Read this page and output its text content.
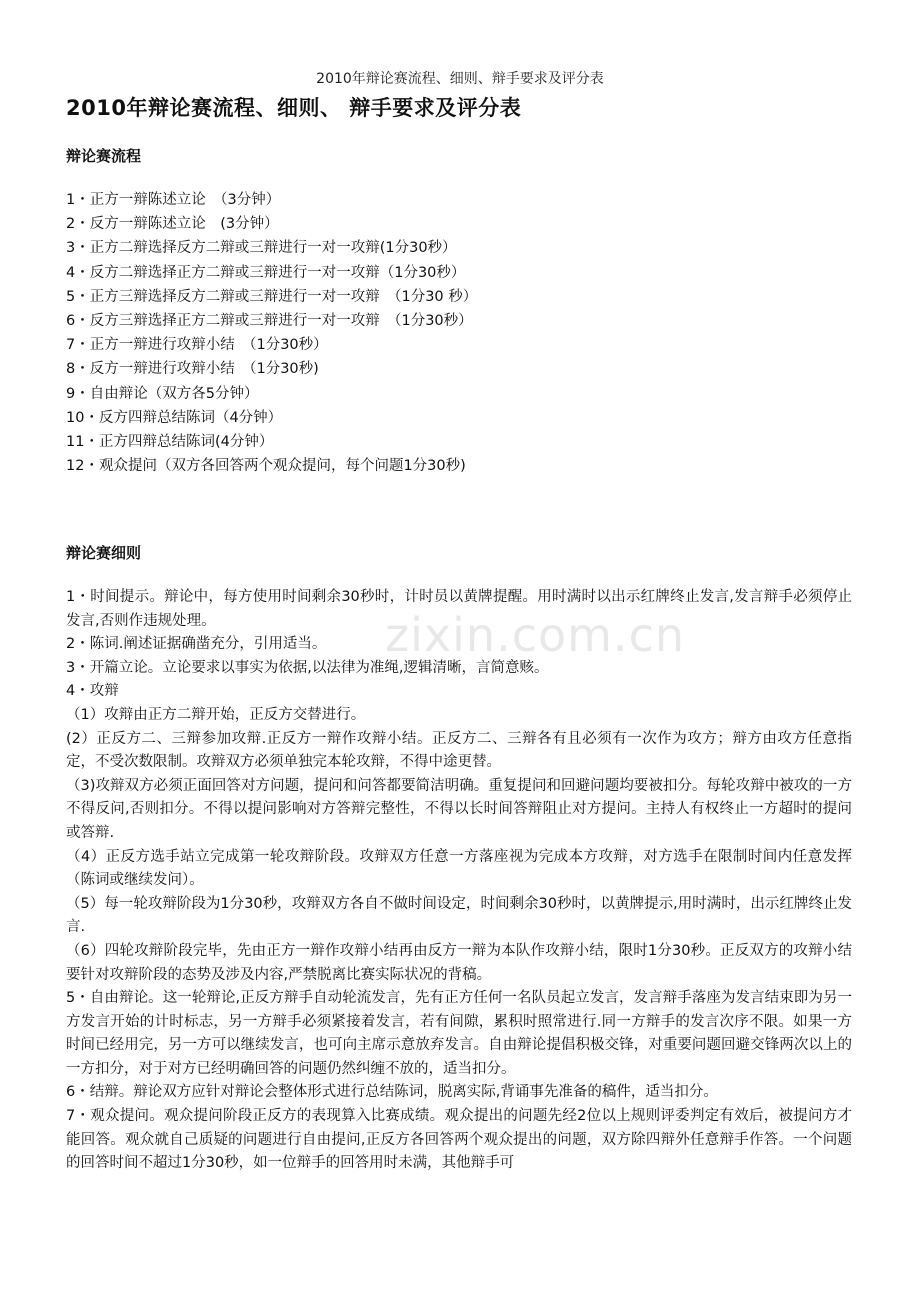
2010年辩论赛流程、细则、辩手要求及评分表
2010年辩论赛流程、细则、 辩手要求及评分表
辩论赛流程
1・正方一辩陈述立论　（3分钟）
2・反方一辩陈述立论　(3分钟）
3・正方二辩选择反方二辩或三辩进行一对一攻辩(1分30秒）
4・反方二辩选择正方二辩或三辩进行一对一攻辩（1分30秒）
5・正方三辩选择反方二辩或三辩进行一对一攻辩　（1分30 秒）
6・反方三辩选择正方二辩或三辩进行一对一攻辩　（1分30秒）
7・正方一辩进行攻辩小结　（1分30秒）
8・反方一辩进行攻辩小结　（1分30秒)
9・自由辩论（双方各5分钟）
10・反方四辩总结陈词（4分钟）
11・正方四辩总结陈词(4分钟）
12・观众提问（双方各回答两个观众提问，每个问题1分30秒)
辩论赛细则

1・时间提示。辩论中，每方使用时间剩余30秒时，计时员以黄牌提醒。用时满时以出示红牌终止发言,发言辩手必须停止发言,否则作违规处理。

2・陈词.阐述证据确凿充分，引用适当。

3・开篇立论。立论要求以事实为依据,以法律为准绳,逻辑清晰，言简意赅。

4・攻辩

（1）攻辩由正方二辩开始，正反方交替进行。

(2）正反方二、三辩参加攻辩.正反方一辩作攻辩小结。正反方二、三辩各有且必须有一次作为攻方；辩方由攻方任意指定，不受次数限制。攻辩双方必须单独完本轮攻辩，不得中途更替。

（3)攻辩双方必须正面回答对方问题，提问和问答都要简洁明确。重复提问和回避问题均要被扣分。每轮攻辩中被攻的一方不得反问,否则扣分。不得以提问影响对方答辩完整性，不得以长时间答辩阻止对方提问。主持人有权终止一方超时的提问或答辩.

（4）正反方选手站立完成第一轮攻辩阶段。攻辩双方任意一方落座视为完成本方攻辩，对方选手在限制时间内任意发挥（陈词或继续发问）。

（5）每一轮攻辩阶段为1分30秒，攻辩双方各自不做时间设定，时间剩余30秒时，以黄牌提示,用时满时，出示红牌终止发言.

（6）四轮攻辩阶段完毕，先由正方一辩作攻辩小结再由反方一辩为本队作攻辩小结，限时1分30秒。正反双方的攻辩小结要针对攻辩阶段的态势及涉及内容,严禁脱离比赛实际状况的背稿。

5・自由辩论。这一轮辩论,正反方辩手自动轮流发言，先有正方任何一名队员起立发言，发言辩手落座为发言结束即为另一方发言开始的计时标志，另一方辩手必须紧接着发言，若有间隙，累积时照常进行.同一方辩手的发言次序不限。如果一方时间已经用完，另一方可以继续发言，也可向主席示意放弃发言。自由辩论提倡积极交锋，对重要问题回避交锋两次以上的一方扣分，对于对方已经明确回答的问题仍然纠缠不放的，适当扣分。

6・结辩。辩论双方应针对辩论会整体形式进行总结陈词，脱离实际,背诵事先准备的稿件，适当扣分。

7・观众提问。观众提问阶段正反方的表现算入比赛成绩。观众提出的问题先经2位以上规则评委判定有效后，被提问方才能回答。观众就自己质疑的问题进行自由提问,正反方各回答两个观众提出的问题，双方除四辩外任意辩手作答。一个问题的回答时间不超过1分30秒，如一位辩手的回答用时未满，其他辩手可

zixin.com.cn
